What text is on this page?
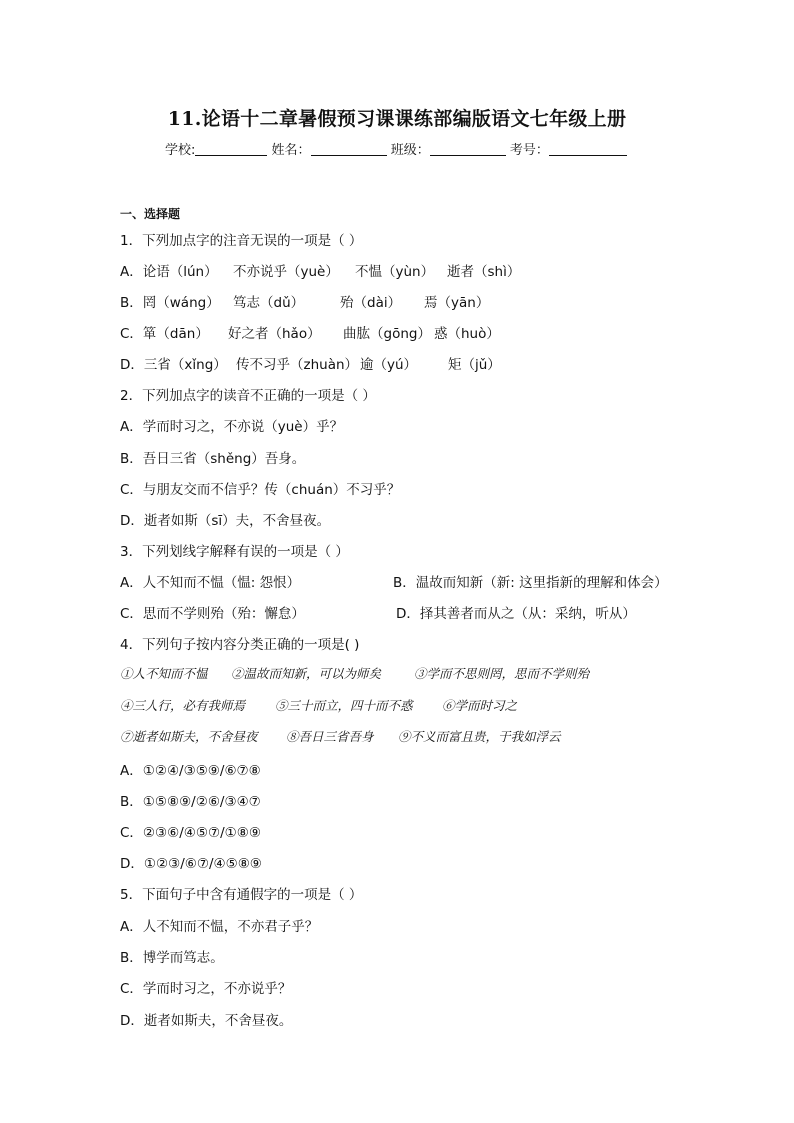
11.论语十二章暑假预习课课练部编版语文七年级上册
学校:	姓名：	班级：	考号：
一、选择题
1．下列加点字的注音无误的一项是（ ）
A．论语（lún） 不亦说乎（yuè） 不愠（yùn） 逝者（shì）
B．罔（wáng） 笃志（dǔ）	殆（dài） 焉（yān）
C．箪（dān） 好之者（hǎo） 曲肱（gōng） 惑（huò）
D．三省（xǐng） 传不习乎（zhuàn） 逾（yú） 矩（jǔ）
2．下列加点字的读音不正确的一项是（ ）
A．学而时习之，不亦说（yuè）乎？
B．吾日三省（shěng）吾身。
C．与朋友交而不信乎？传（chuán）不习乎？
D．逝者如斯（sī）夫，不舍昼夜。
3．下列划线字解释有误的一项是（ ）
A．人不知而不愠（愠: 怨恨）	B．温故而知新（新: 这里指新的理解和体会）
C．思而不学则殆（殆：懈怠）	D．择其善者而从之（从：采纳，听从）
4．下列句子按内容分类正确的一项是( )
①人不知而不愠 ②温故而知新，可以为师矣	③学而不思则罔，思而不学则殆
④三人行，必有我师焉 ⑤三十而立，四十而不惑 ⑥学而时习之
⑦逝者如斯夫，不舍昼夜 ⑧吾日三省吾身 ⑨不义而富且贵，于我如浮云
A．①②④/③⑤⑨/⑥⑦⑧
B．①⑤⑧⑨/②⑥/③④⑦
C．②③⑥/④⑤⑦/①⑧⑨
D．①②③/⑥⑦/④⑤⑧⑨
5．下面句子中含有通假字的一项是（ ）
A．人不知而不愠，不亦君子乎？
B．博学而笃志。
C．学而时习之，不亦说乎？
D．逝者如斯夫，不舍昼夜。
